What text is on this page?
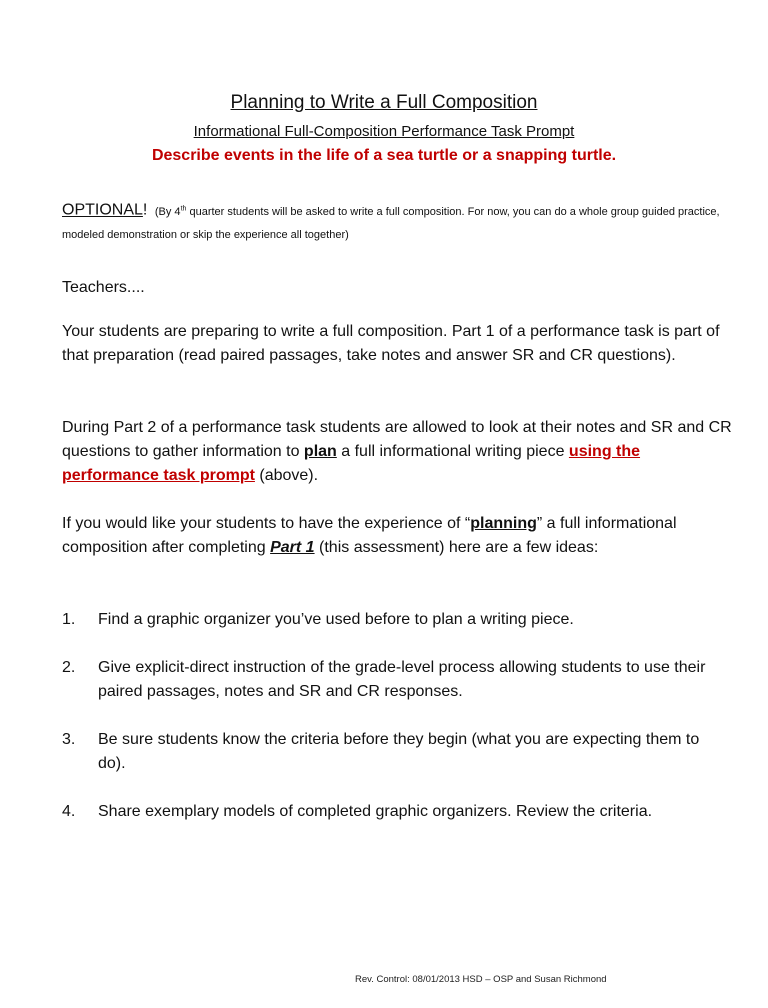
Planning to Write a Full Composition
Informational Full-Composition Performance Task Prompt
Describe events in the life of a sea turtle or a snapping turtle.
OPTIONAL! (By 4th quarter students will be asked to write a full composition. For now, you can do a whole group guided practice, modeled demonstration or skip the experience all together)
Teachers....
Your students are preparing to write a full composition. Part 1 of a performance task is part of that preparation (read paired passages, take notes and answer SR and CR questions).
During Part 2 of a performance task students are allowed to look at their notes and SR and CR questions to gather information to plan a full informational writing piece using the performance task prompt (above).
If you would like your students to have the experience of “planning” a full informational composition after completing Part 1 (this assessment) here are a few ideas:
1. Find a graphic organizer you’ve used before to plan a writing piece.
2. Give explicit-direct instruction of the grade-level process allowing students to use their paired passages, notes and SR and CR responses.
3. Be sure students know the criteria before they begin (what you are expecting them to do).
4. Share exemplary models of completed graphic organizers. Review the criteria.
Rev. Control: 08/01/2013 HSD – OSP and Susan Richmond
